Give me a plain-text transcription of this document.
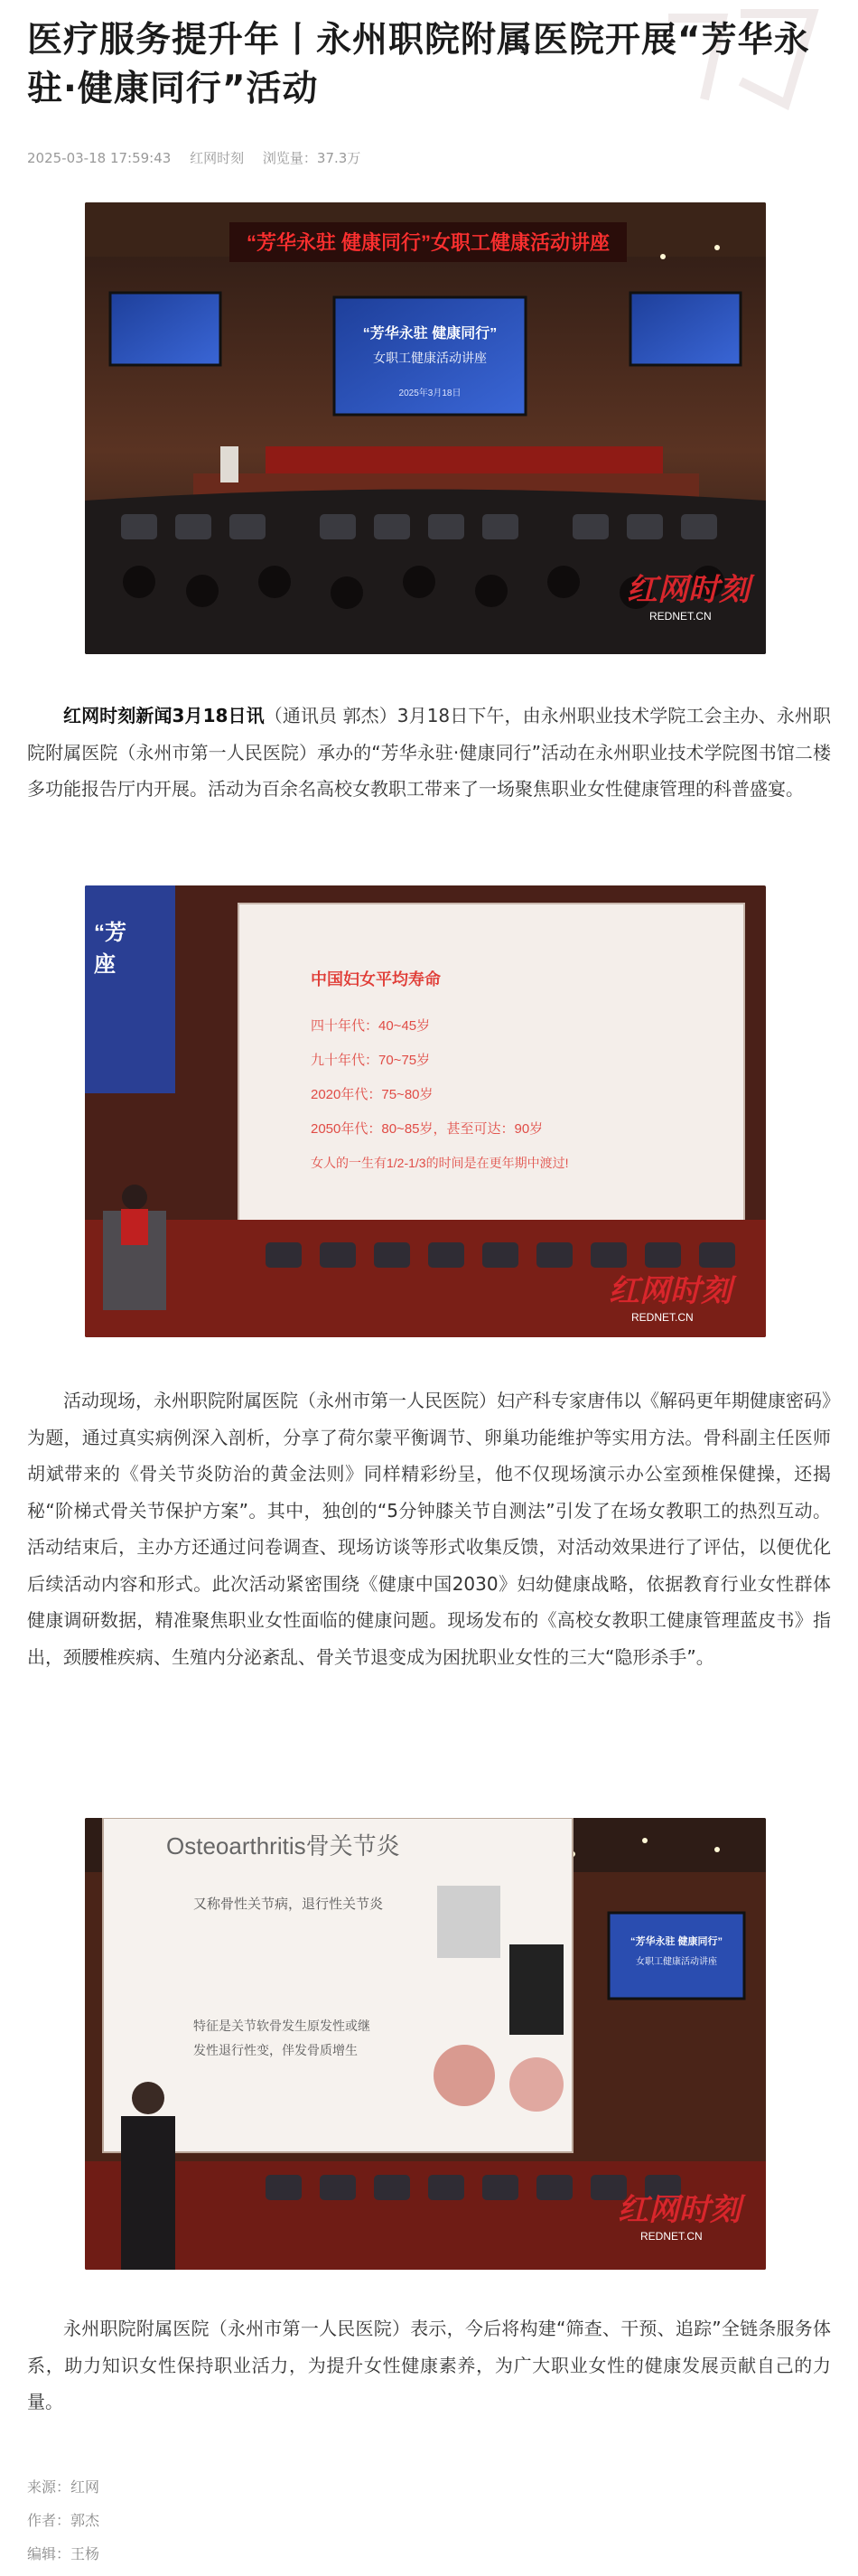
医疗服务提升年丨永州职院附属医院开展“芳华永驻·健康同行”活动
2025-03-18 17:59:43 红网时刻 浏览量：37.3万
“芳华永驻 健康同行”女职工健康活动讲座
“芳华永驻 健康同行”
女职工健康活动讲座
2025年3月18日
红网时刻
REDNET.CN

红网时刻新闻3月18日讯（通讯员 郭杰）3月18日下午，由永州职业技术学院工会主办、永州职院附属医院（永州市第一人民医院）承办的“芳华永驻·健康同行”活动在永州职业技术学院图书馆二楼多功能报告厅内开展。活动为百余名高校女教职工带来了一场聚焦职业女性健康管理的科普盛宴。

“芳
座
中国妇女平均寿命
四十年代：40~45岁
九十年代：70~75岁
2020年代：75~80岁
2050年代：80~85岁，甚至可达：90岁
女人的一生有1/2-1/3的时间是在更年期中渡过!
红网时刻
REDNET.CN

活动现场，永州职院附属医院（永州市第一人民医院）妇产科专家唐伟以《解码更年期健康密码》为题，通过真实病例深入剖析，分享了荷尔蒙平衡调节、卵巢功能维护等实用方法。骨科副主任医师胡斌带来的《骨关节炎防治的黄金法则》同样精彩纷呈，他不仅现场演示办公室颈椎保健操，还揭秘“阶梯式骨关节保护方案”。其中，独创的“5分钟膝关节自测法”引发了在场女教职工的热烈互动。活动结束后，主办方还通过问卷调查、现场访谈等形式收集反馈，对活动效果进行了评估，以便优化后续活动内容和形式。此次活动紧密围绕《健康中国2030》妇幼健康战略，依据教育行业女性群体健康调研数据，精准聚焦职业女性面临的健康问题。现场发布的《高校女教职工健康管理蓝皮书》指出，颈腰椎疾病、生殖内分泌紊乱、骨关节退变成为困扰职业女性的三大“隐形杀手”。

Osteoarthritis骨关节炎
又称骨性关节病，退行性关节炎
特征是关节软骨发生原发性或继
发性退行性变，伴发骨质增生
“芳华永驻 健康同行”
女职工健康活动讲座
红网时刻
REDNET.CN

永州职院附属医院（永州市第一人民医院）表示，今后将构建“筛查、干预、追踪”全链条服务体系，助力知识女性保持职业活力，为提升女性健康素养，为广大职业女性的健康发展贡献自己的力量。

来源：红网
作者：郭杰
编辑：王杨
